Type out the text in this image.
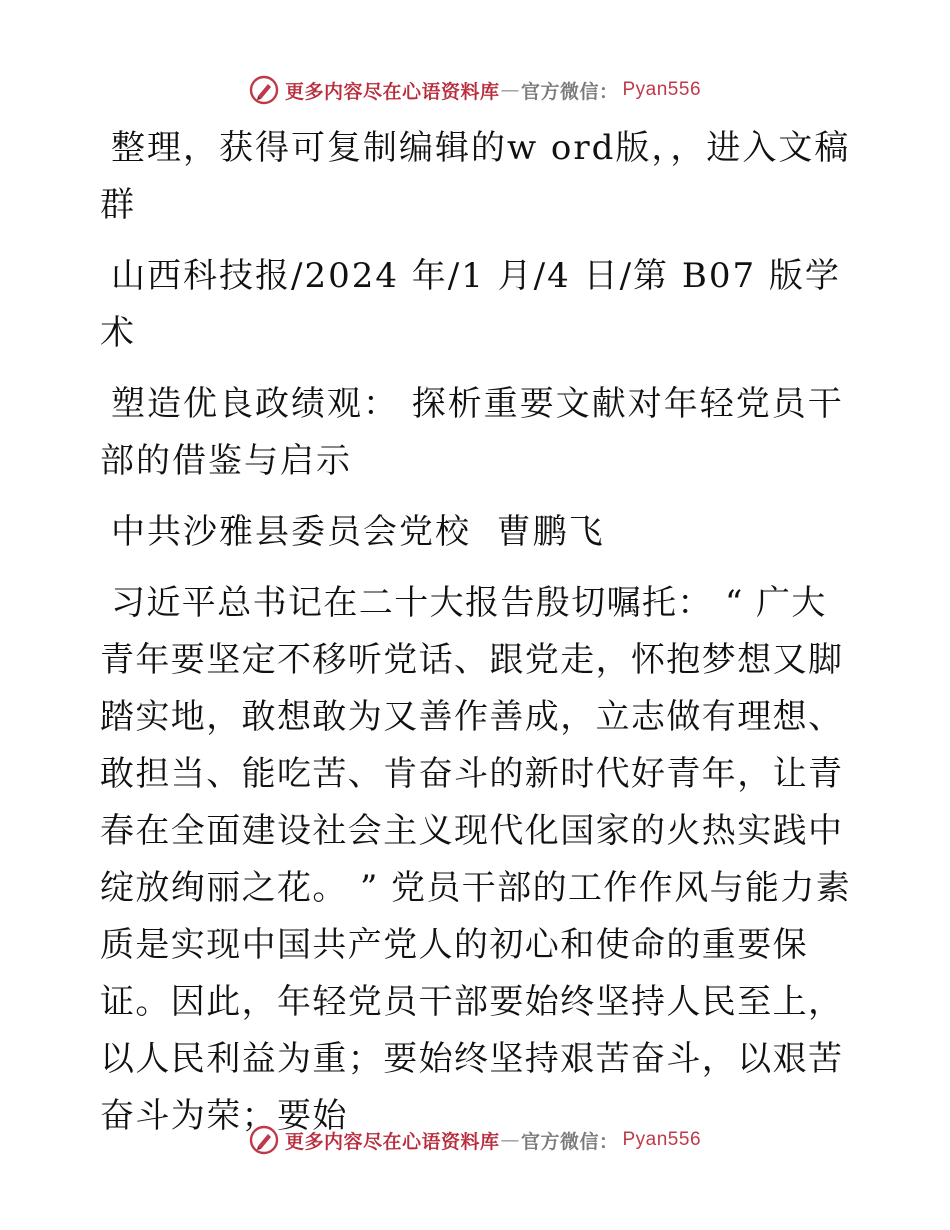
更多内容尽在心语资料库 — 官方微信： Pyan556

整理，获得可复制编辑的w ord版，，进入文稿群

山西科技报/2024 年/1 月/4 日/第 B07 版学术

塑造优良政绩观： 探析重要文献对年轻党员干部的借鉴与启示

中共沙雅县委员会党校  曹鹏飞

习近平总书记在二十大报告殷切嘱托： “ 广大青年要坚定不移听党话、跟党走，怀抱梦想又脚踏实地，敢想敢为又善作善成，立志做有理想、敢担当、能吃苦、肯奋斗的新时代好青年，让青春在全面建设社会主义现代化国家的火热实践中绽放绚丽之花。 ” 党员干部的工作作风与能力素质是实现中国共产党人的初心和使命的重要保证。因此，年轻党员干部要始终坚持人民至上，以人民利益为重；要始终坚持艰苦奋斗，以艰苦奋斗为荣；要始

更多内容尽在心语资料库 — 官方微信： Pyan556
